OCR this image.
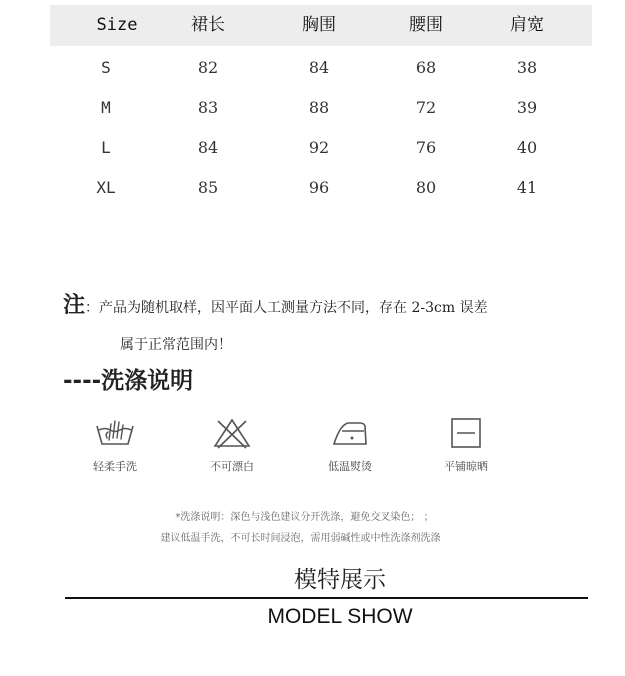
Size	裙长	胸围	腰围	肩宽
S	82	84	68	38
M	83	88	72	39
L	84	92	76	40
XL	85	96	80	41
注：产品为随机取样，因平面人工测量方法不同，存在 2-3cm 误差
属于正常范围内！
----洗涤说明
轻柔手洗	不可漂白	低温熨烫	平铺晾晒
*洗涤说明：深色与浅色建议分开洗涤，避免交叉染色； ；
建议低温手洗，不可长时间浸泡，需用弱碱性或中性洗涤剂洗涤
模特展示
MODEL SHOW
